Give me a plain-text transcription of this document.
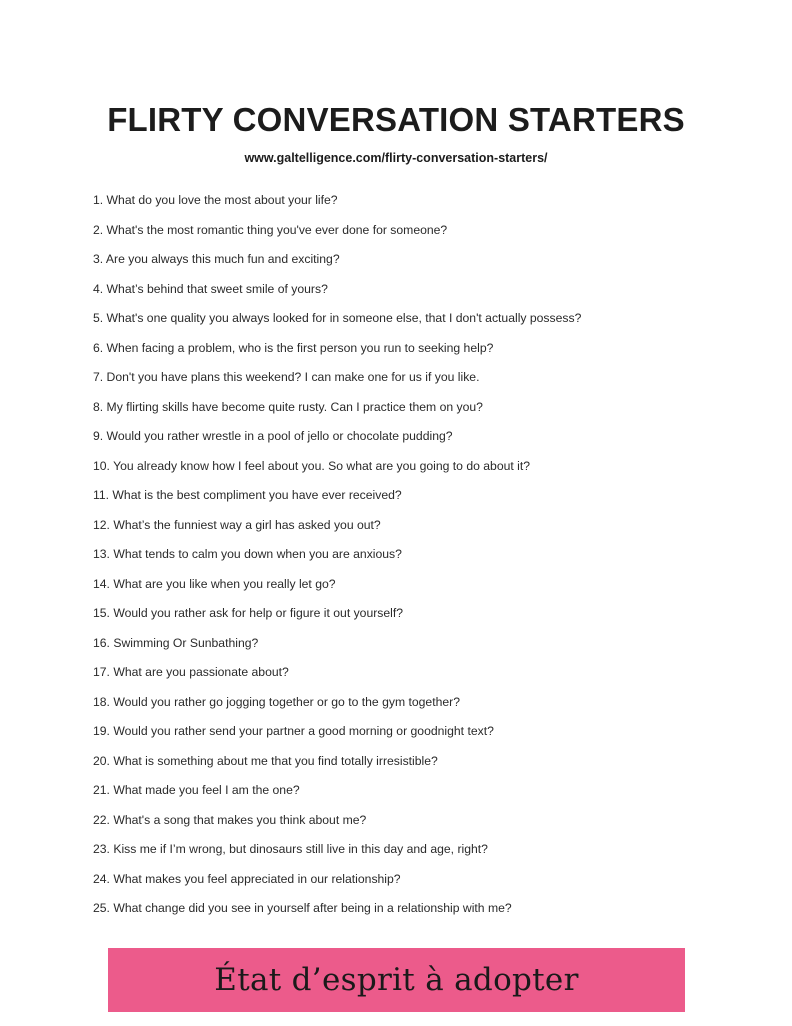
FLIRTY CONVERSATION STARTERS
www.galtelligence.com/flirty-conversation-starters/
1. What do you love the most about your life?
2. What's the most romantic thing you've ever done for someone?
3. Are you always this much fun and exciting?
4. What’s behind that sweet smile of yours?
5. What's one quality you always looked for in someone else, that I don't actually possess?
6. When facing a problem, who is the first person you run to seeking help?
7. Don't you have plans this weekend? I can make one for us if you like.
8. My flirting skills have become quite rusty. Can I practice them on you?
9. Would you rather wrestle in a pool of jello or chocolate pudding?
10. You already know how I feel about you. So what are you going to do about it?
11. What is the best compliment you have ever received?
12. What’s the funniest way a girl has asked you out?
13. What tends to calm you down when you are anxious?
14. What are you like when you really let go?
15. Would you rather ask for help or figure it out yourself?
16. Swimming Or Sunbathing?
17. What are you passionate about?
18. Would you rather go jogging together or go to the gym together?
19. Would you rather send your partner a good morning or goodnight text?
20. What is something about me that you find totally irresistible?
21. What made you feel I am the one?
22. What's a song that makes you think about me?
23. Kiss me if I’m wrong, but dinosaurs still live in this day and age, right?
24. What makes you feel appreciated in our relationship?
25. What change did you see in yourself after being in a relationship with me?
État d’esprit à adopter
